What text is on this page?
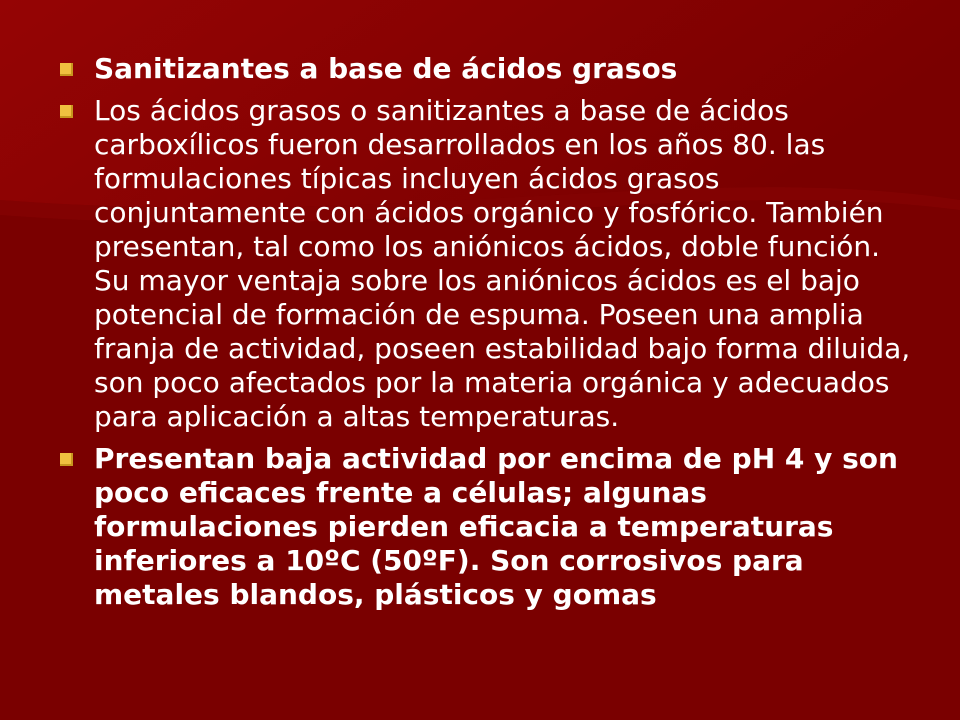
Sanitizantes a base de ácidos grasos
Los ácidos grasos o sanitizantes a base de ácidos carboxílicos fueron desarrollados en los años 80. las formulaciones típicas incluyen ácidos grasos conjuntamente con ácidos orgánico y fosfórico. También presentan, tal como los aniónicos ácidos, doble función. Su mayor ventaja sobre los aniónicos ácidos es el bajo potencial de formación de espuma. Poseen una amplia franja de actividad, poseen estabilidad bajo forma diluida, son poco afectados por la materia orgánica y adecuados para aplicación a altas temperaturas.
Presentan baja actividad por encima de pH 4 y son poco eficaces frente a células; algunas formulaciones pierden eficacia a temperaturas inferiores a 10ºC (50ºF). Son corrosivos para metales blandos, plásticos y gomas
